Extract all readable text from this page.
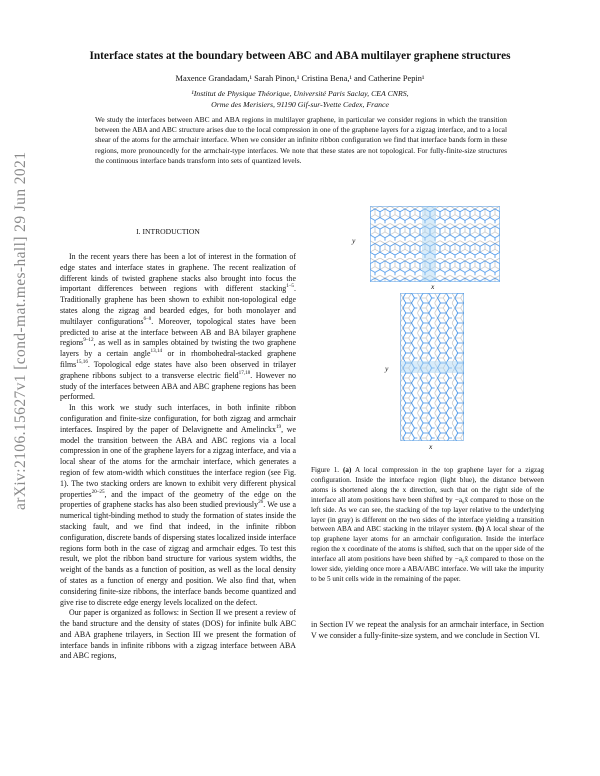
Interface states at the boundary between ABC and ABA multilayer graphene structures
Maxence Grandadam,¹ Sarah Pinon,¹ Cristina Bena,¹ and Catherine Pepin¹
¹Institut de Physique Théorique, Université Paris Saclay, CEA CNRS,
Orme des Merisiers, 91190 Gif-sur-Yvette Cedex, France
We study the interfaces between ABC and ABA regions in multilayer graphene, in particular we consider regions in which the transition between the ABA and ABC structure arises due to the local compression in one of the graphene layers for a zigzag interface, and to a local shear of the atoms for the armchair interface. When we consider an infinite ribbon configuration we find that interface bands form in these regions, more pronouncedly for the armchair-type interfaces. We note that these states are not topological. For fully-finite-size structures the continuous interface bands transform into sets of quantized levels.
arXiv:2106.15627v1 [cond-mat.mes-hall] 29 Jun 2021	I. INTRODUCTION

In the recent years there has been a lot of interest in the formation of edge states and interface states in graphene. The recent realization of different kinds of twisted graphene stacks also brought into focus the important differences between regions with different stacking$^{1-5}$. Traditionally graphene has been shown to exhibit non-topological edge states along the zigzag and bearded edges, for both monolayer and multilayer configurations$^{6-8}$. Moreover, topological states have been predicted to arise at the interface between AB and BA bilayer graphene regions$^{9-12}$, as well as in samples obtained by twisting the two graphene layers by a certain angle$^{13,14}$ or in rhombohedral-stacked graphene films$^{15,16}$. Topological edge states have also been observed in trilayer graphene ribbons subject to a transverse electric field$^{17,18}$. However no study of the interfaces between ABA and ABC graphene regions has been performed.

In this work we study such interfaces, in both infinite ribbon configuration and finite-size configuration, for both zigzag and armchair interfaces. Inspired by the paper of Delavignette and Amelinckx$^{19}$, we model the transition between the ABA and ABC regions via a local compression in one of the graphene layers for a zigzag interface, and via a local shear of the atoms for the armchair interface, which generates a region of few atom-width which constitues the interface region (see Fig. 1). The two stacking orders are known to exhibit very different physical properties$^{20-25}$, and the impact of the geometry of the edge on the properties of graphene stacks has also been studied previously$^{26}$. We use a numerical tight-binding method to study the formation of states inside the stacking fault, and we find that indeed, in the infinite ribbon configuration, discrete bands of dispersing states localized inside interface regions form both in the case of zigzag and armchair edges. To test this result, we plot the ribbon band structure for various system widths, the weight of the bands as a function of position, as well as the local density of states as a function of energy and position. We also find that, when considering finite-size ribbons, the interface bands become quantized and give rise to discrete edge energy levels localized on the defect.

Our paper is organized as follows: in Section II we present a review of the band structure and the density of states (DOS) for infinite bulk ABC and ABA graphene trilayers, in Section III we present the formation of interface bands in infinite ribbons with a zigzag interface between ABA and ABC regions,

y
x
y
x
Figure 1. (a) A local compression in the top graphene layer for a zigzag configuration. Inside the interface region (light blue), the distance between atoms is shortened along the x direction, such that on the right side of the interface all atom positions have been shifted by −a₀x̂ compared to those on the left side. As we can see, the stacking of the top layer relative to the underlying layer (in gray) is different on the two sides of the interface yielding a transition between ABA and ABC stacking in the trilayer system. (b) A local shear of the top graphene layer atoms for an armchair configuration. Inside the interface region the x coordinate of the atoms is shifted, such that on the upper side of the interface all atom positions have been shifted by −a₀x̂ compared to those on the lower side, yielding once more a ABA/ABC interface. We will take the impurity to be 5 unit cells wide in the remaining of the paper.

in Section IV we repeat the analysis for an armchair interface, in Section V we consider a fully-finite-size system, and we conclude in Section VI.
